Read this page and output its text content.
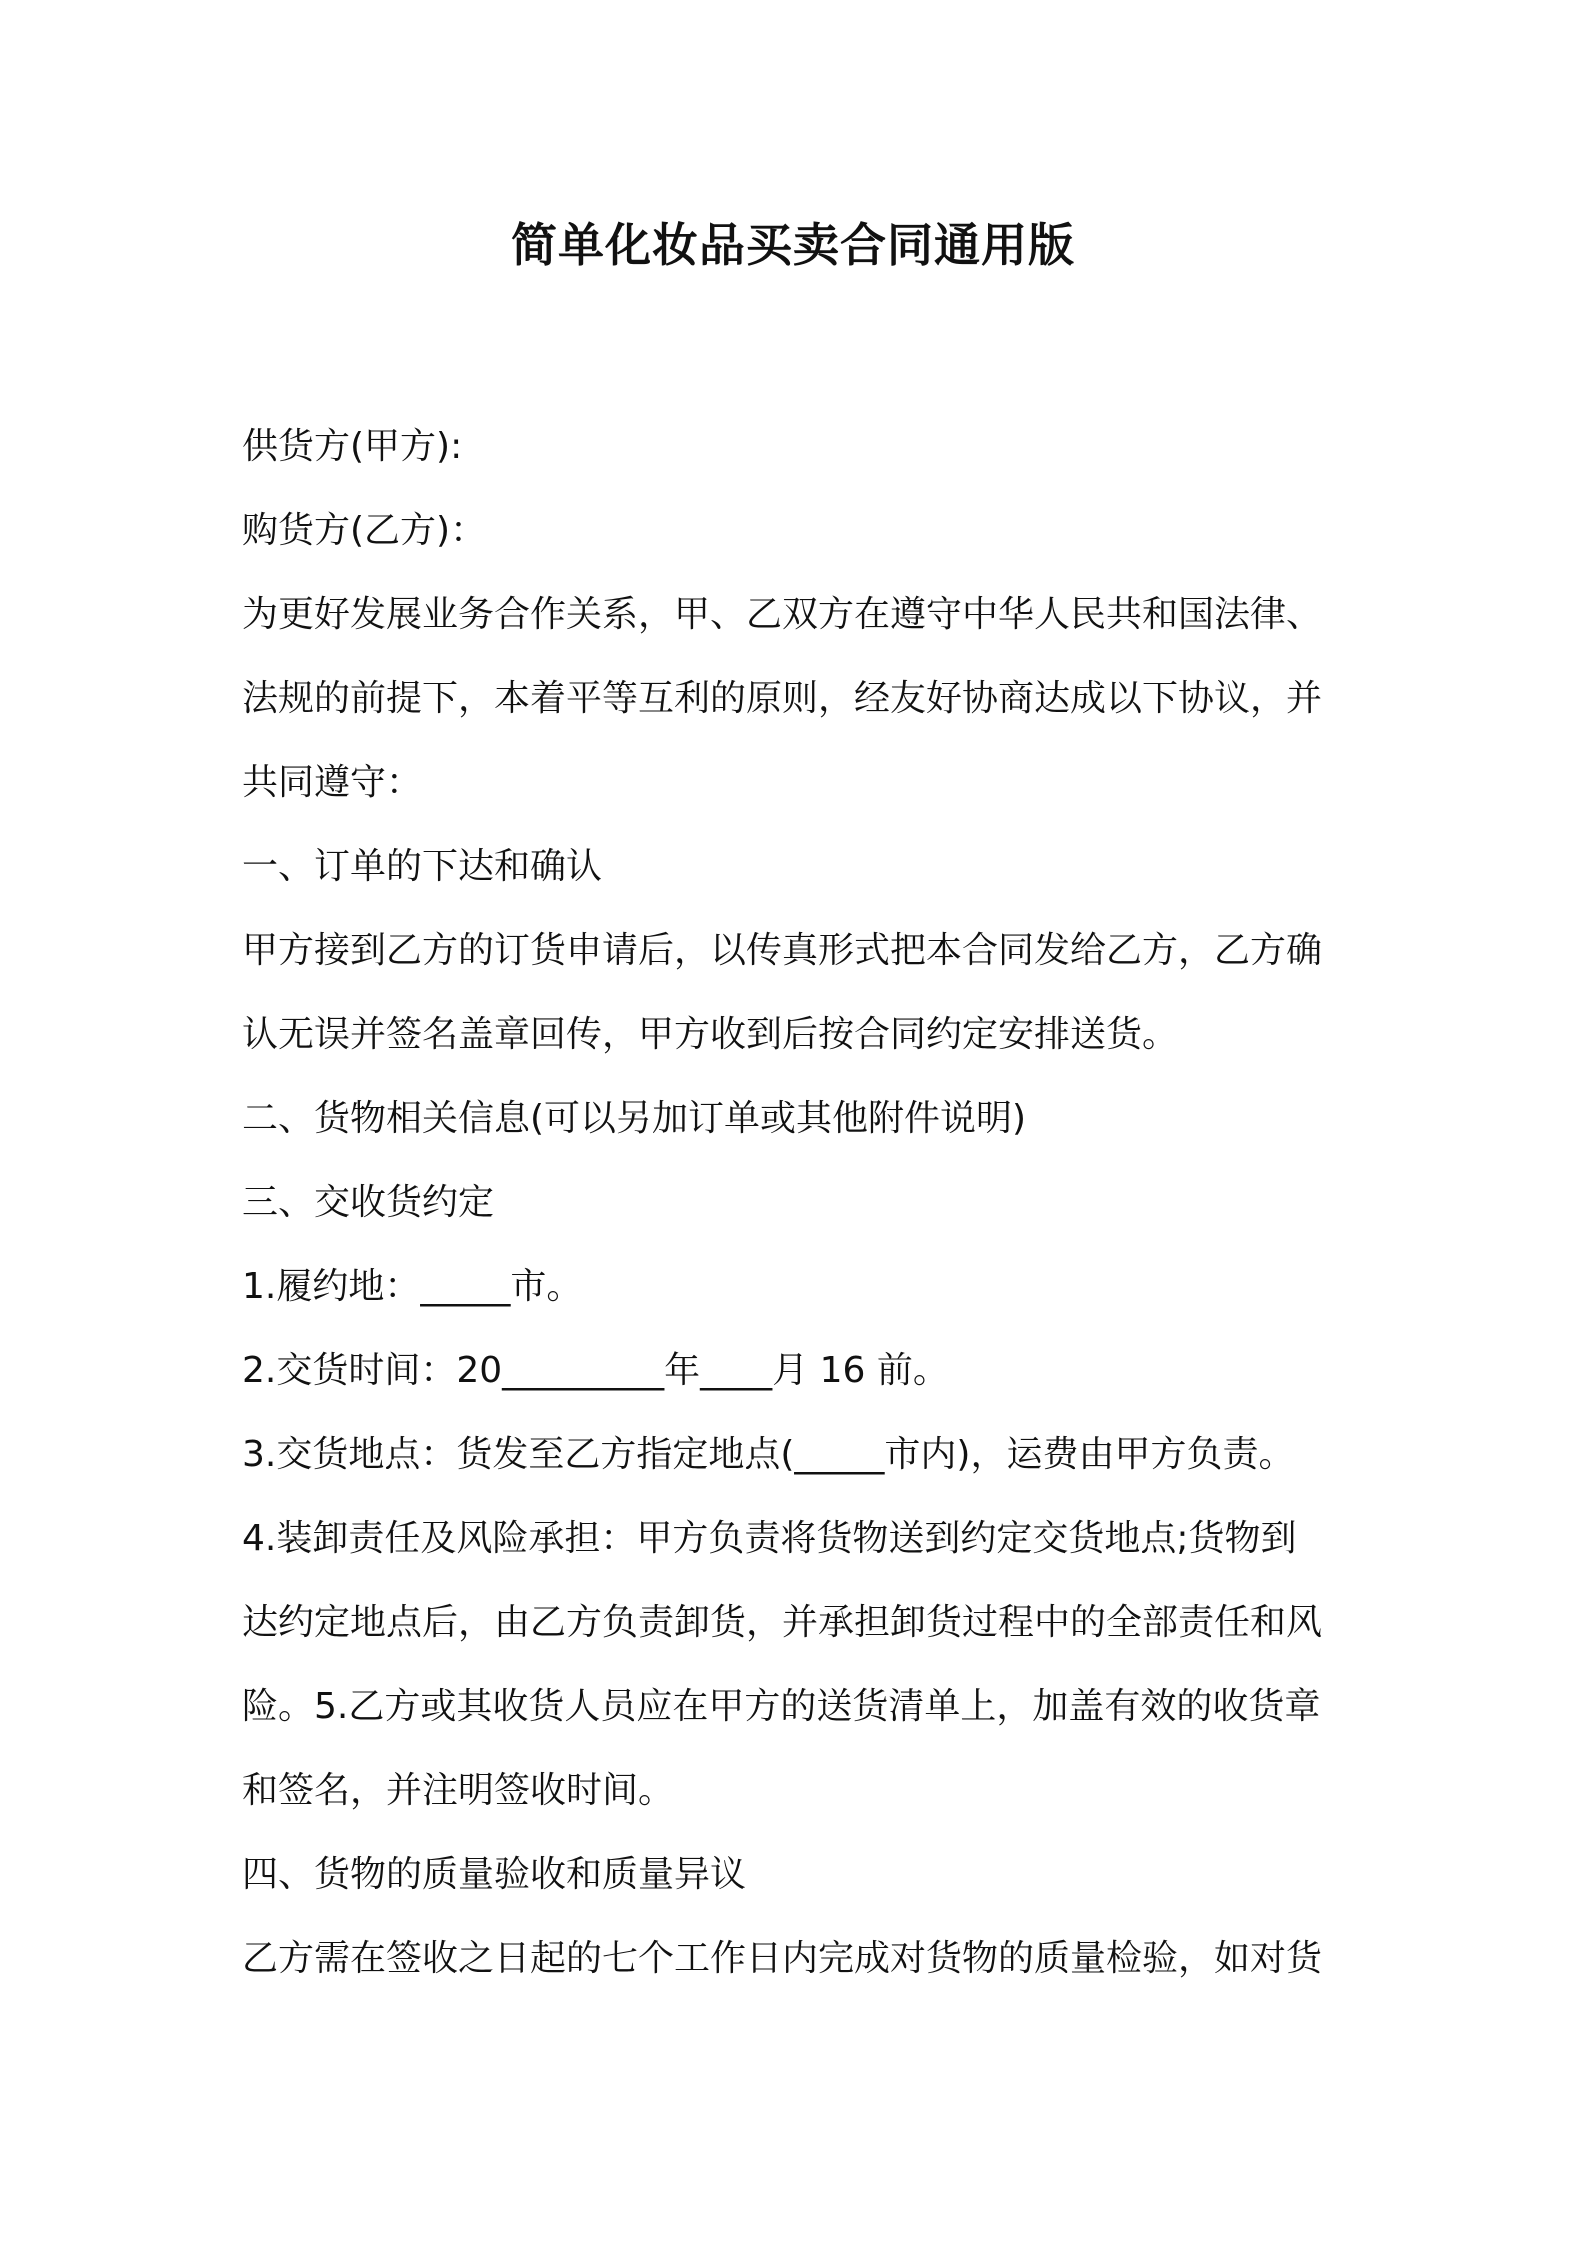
简单化妆品买卖合同通用版
供货方(甲方):
购货方(乙方)：
为更好发展业务合作关系，甲、乙双方在遵守中华人民共和国法律、
法规的前提下，本着平等互利的原则，经友好协商达成以下协议，并
共同遵守：
一、订单的下达和确认
甲方接到乙方的订货申请后，以传真形式把本合同发给乙方，乙方确
认无误并签名盖章回传，甲方收到后按合同约定安排送货。
二、货物相关信息(可以另加订单或其他附件说明)
三、交收货约定
1.履约地：_____市。
2.交货时间：20_________年____月 16 前。
3.交货地点：货发至乙方指定地点(_____市内)，运费由甲方负责。
4.装卸责任及风险承担：甲方负责将货物送到约定交货地点;货物到
达约定地点后，由乙方负责卸货，并承担卸货过程中的全部责任和风
险。5.乙方或其收货人员应在甲方的送货清单上，加盖有效的收货章
和签名，并注明签收时间。
四、货物的质量验收和质量异议
乙方需在签收之日起的七个工作日内完成对货物的质量检验，如对货
